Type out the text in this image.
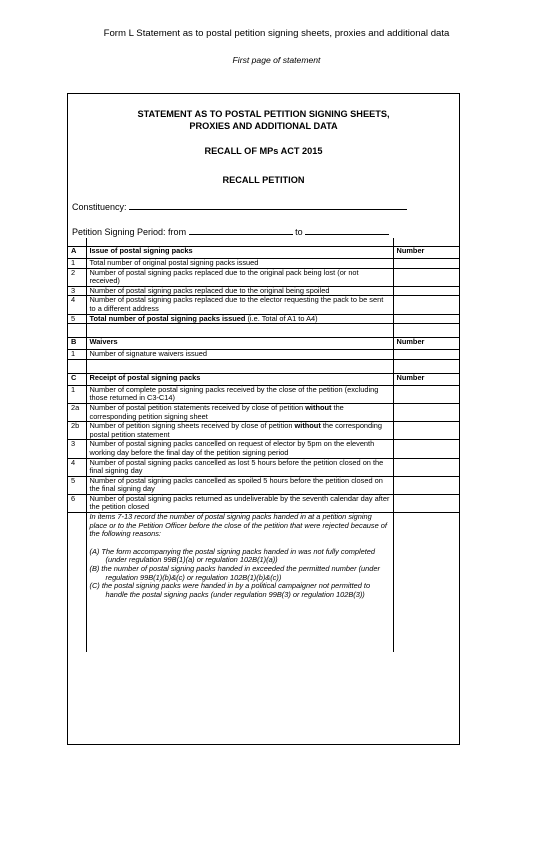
Form L Statement as to postal petition signing sheets, proxies and additional data
First page of statement
STATEMENT AS TO POSTAL PETITION SIGNING SHEETS,
PROXIES AND ADDITIONAL DATA
RECALL OF MPs ACT 2015
RECALL PETITION
Constituency:
Petition Signing Period: from	to

A	Issue of postal signing packs	Number
1	Total number of original postal signing packs issued	
2	Number of postal signing packs replaced due to the original pack being lost (or not received)	
3	Number of postal signing packs replaced due to the original being spoiled	
4	Number of postal signing packs replaced due to the elector requesting the pack to be sent to a different address	
5	Total number of postal signing packs issued (i.e. Total of A1 to A4)	

B	Waivers	Number
1	Number of signature waivers issued	

C	Receipt of postal signing packs	Number
1	Number of complete postal signing packs received by the close of the petition (excluding those returned in C3-C14)	
2a	Number of postal petition statements received by close of petition without the corresponding petition signing sheet	
2b	Number of petition signing sheets received by close of petition without the corresponding postal petition statement	
3	Number of postal signing packs cancelled on request of elector by 5pm on the eleventh working day before the final day of the petition signing period	
4	Number of postal signing packs cancelled as lost 5 hours before the petition closed on the final signing day	
5	Number of postal signing packs cancelled as spoiled 5 hours before the petition closed on the final signing day	
6	Number of postal signing packs returned as undeliverable by the seventh calendar day after the petition closed	

	In items 7-13 record the number of postal signing packs handed in at a petition signing place or to the Petition Officer before the close of the petition that were rejected because of the following reasons:
(A) The form accompanying the postal signing packs handed in was not fully completed (under regulation 99B(1)(a) or regulation 102B(1)(a))
(B) the number of postal signing packs handed in exceeded the permitted number (under regulation 99B(1)(b)&(c) or regulation 102B(1)(b)&(c))
(C) the postal signing packs were handed in by a political campaigner not permitted to handle the postal signing packs (under regulation 99B(3) or regulation 102B(3))	
